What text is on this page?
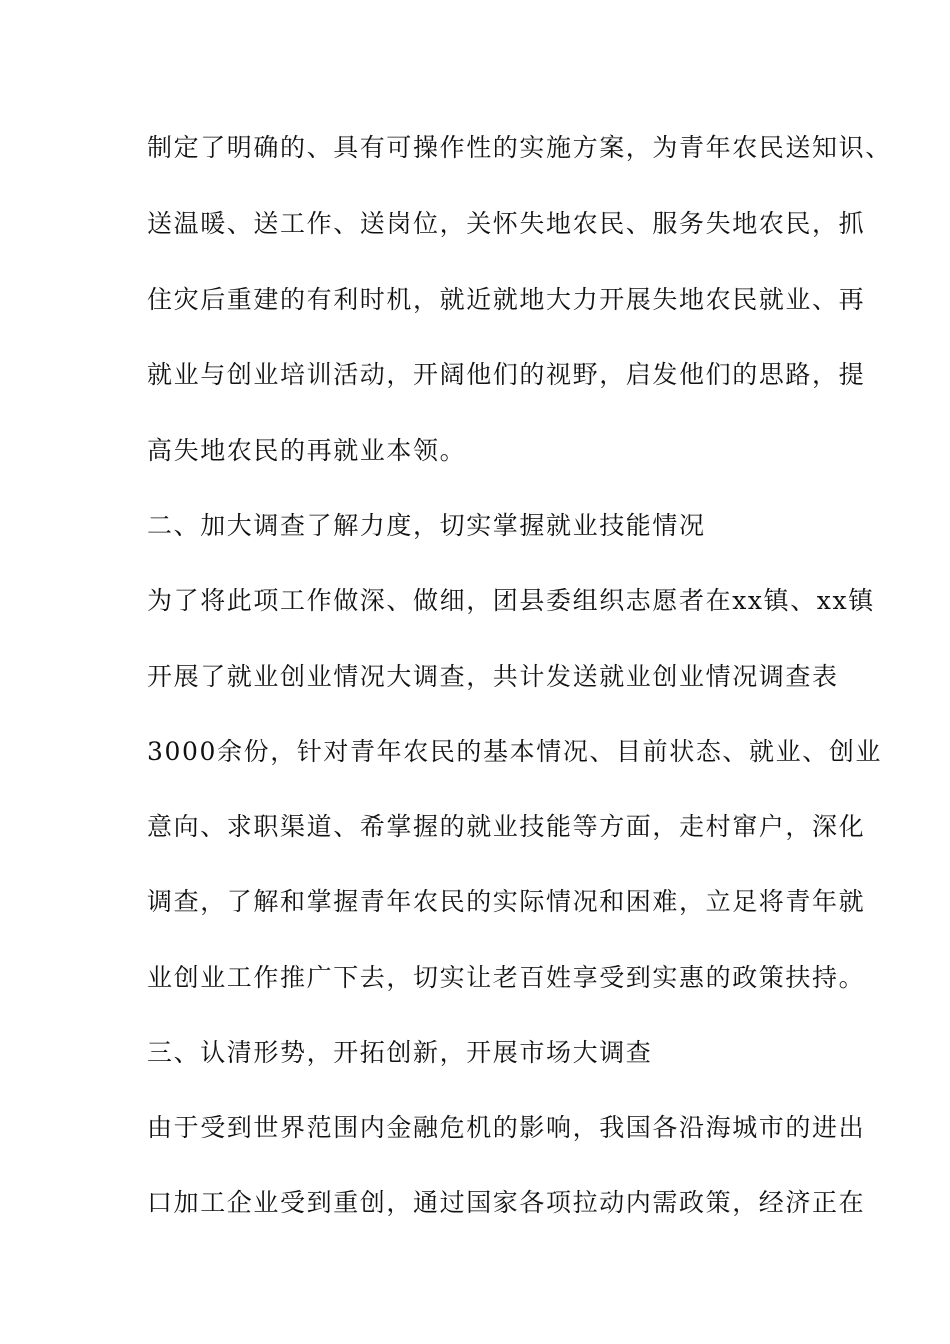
制定了明确的、具有可操作性的实施方案，为青年农民送知识、
送温暖、送工作、送岗位，关怀失地农民、服务失地农民，抓
住灾后重建的有利时机，就近就地大力开展失地农民就业、再
就业与创业培训活动，开阔他们的视野，启发他们的思路，提
高失地农民的再就业本领。
二、加大调查了解力度，切实掌握就业技能情况
为了将此项工作做深、做细，团县委组织志愿者在xx镇、xx镇
开展了就业创业情况大调查，共计发送就业创业情况调查表
3000余份，针对青年农民的基本情况、目前状态、就业、创业
意向、求职渠道、希掌握的就业技能等方面，走村窜户，深化
调查，了解和掌握青年农民的实际情况和困难，立足将青年就
业创业工作推广下去，切实让老百姓享受到实惠的政策扶持。
三、认清形势，开拓创新，开展市场大调查
由于受到世界范围内金融危机的影响，我国各沿海城市的进出
口加工企业受到重创，通过国家各项拉动内需政策，经济正在
